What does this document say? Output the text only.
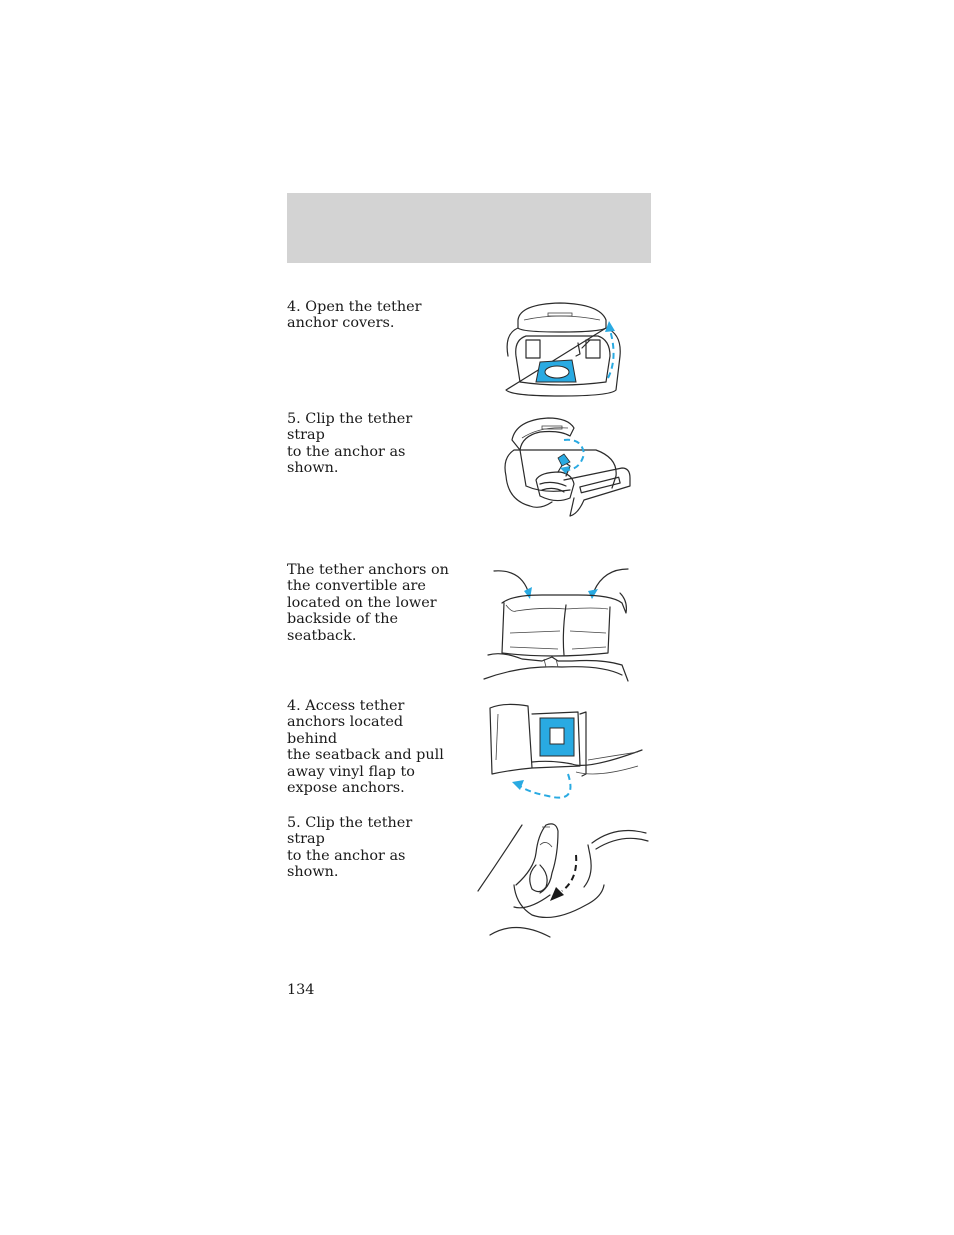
4. Open the tether
anchor covers.
5. Clip the tether strap
to the anchor as
shown.
The tether anchors on
the convertible are
located on the lower
backside of the
seatback.
4. Access tether
anchors located behind
the seatback and pull
away vinyl flap to
expose anchors.
5. Clip the tether strap
to the anchor as
shown.
134
